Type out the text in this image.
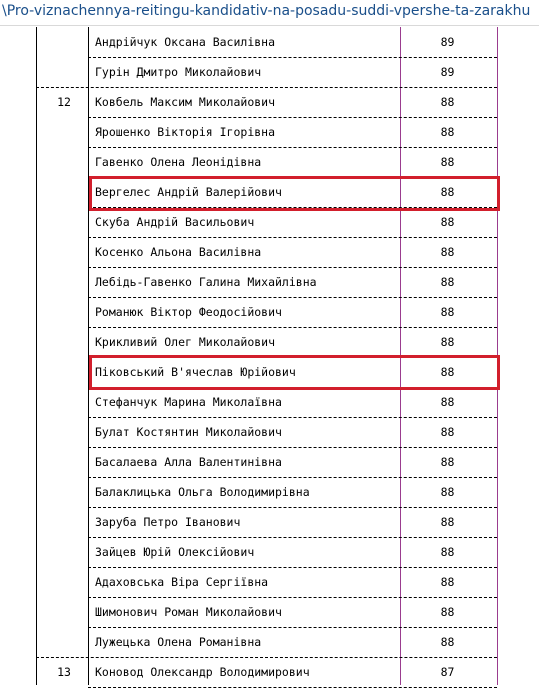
\Pro-viznachennya-reitingu-kandidativ-na-posadu-suddi-vpershe-ta-zarakhu
Андрійчук Оксана Василівна	89
Гурін Дмитро Миколайович	89
12	Ковбель Максим Миколайович	88
Ярошенко Вікторія Ігорівна	88
Гавенко Олена Леонідівна	88
Вергелес Андрій Валерійович	88
Скуба Андрій Васильович	88
Косенко Альона Василівна	88
Лебідь-Гавенко Галина Михайлівна	88
Романюк Віктор Феодосійович	88
Крикливий Олег Миколайович	88
Піковський В'ячеслав Юрійович	88
Стефанчук Марина Миколаївна	88
Булат Костянтин Миколайович	88
Басалаева Алла Валентинівна	88
Балаклицька Ольга Володимирівна	88
Заруба Петро Іванович	88
Зайцев Юрій Олексійович	88
Адаховська Віра Сергіївна	88
Шимонович Роман Миколайович	88
Лужецька Олена Романівна	88
13	Коновод Олександр Володимирович	87
